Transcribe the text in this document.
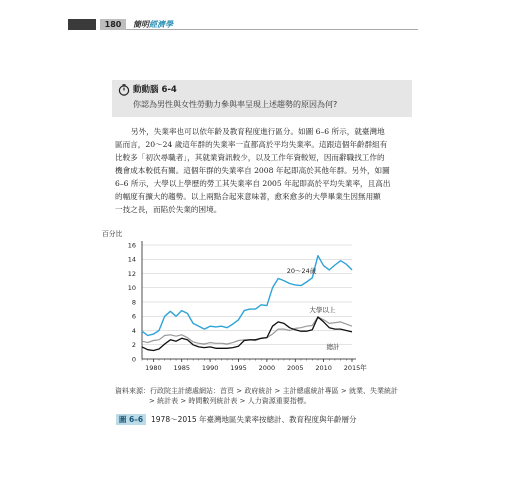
180	簡明經濟學
動動腦 6-4
你認為男性與女性勞動力參與率呈現上述趨勢的原因為何?
另外，失業率也可以依年齡及教育程度進行區分。如圖 6–6 所示，就臺灣地
區而言，20～24 歲這年群的失業率一直都高於平均失業率。這跟這個年齡群組有
比較多「初次尋職者」，其就業資訊較少，以及工作年資較短，因而辭職找工作的
機會成本較低有關。這個年群的失業率自 2008 年起即高於其他年群。另外，如圖
6–6 所示，大學以上學歷的勞工其失業率自 2005 年起即高於平均失業率，且高出
的幅度有擴大的趨勢。以上兩點合起來意味著，愈來愈多的大學畢業生因無用顯
一技之長，而陷於失業的困境。
0
2
4
6
8
10
12
14
16
1980 1985 1990 1995 2000 2005 2010 2015
20～24歲
大學以上
總計
百分比
年
資料來源：行政院主計總處網站：首頁 > 政府統計 > 主計總處統計專區 > 就業、失業統計
> 統計表 > 時間數列統計表 > 人力資源重要指標。
圖 6–6	1978～2015 年臺灣地區失業率按總計、教育程度與年齡層分
